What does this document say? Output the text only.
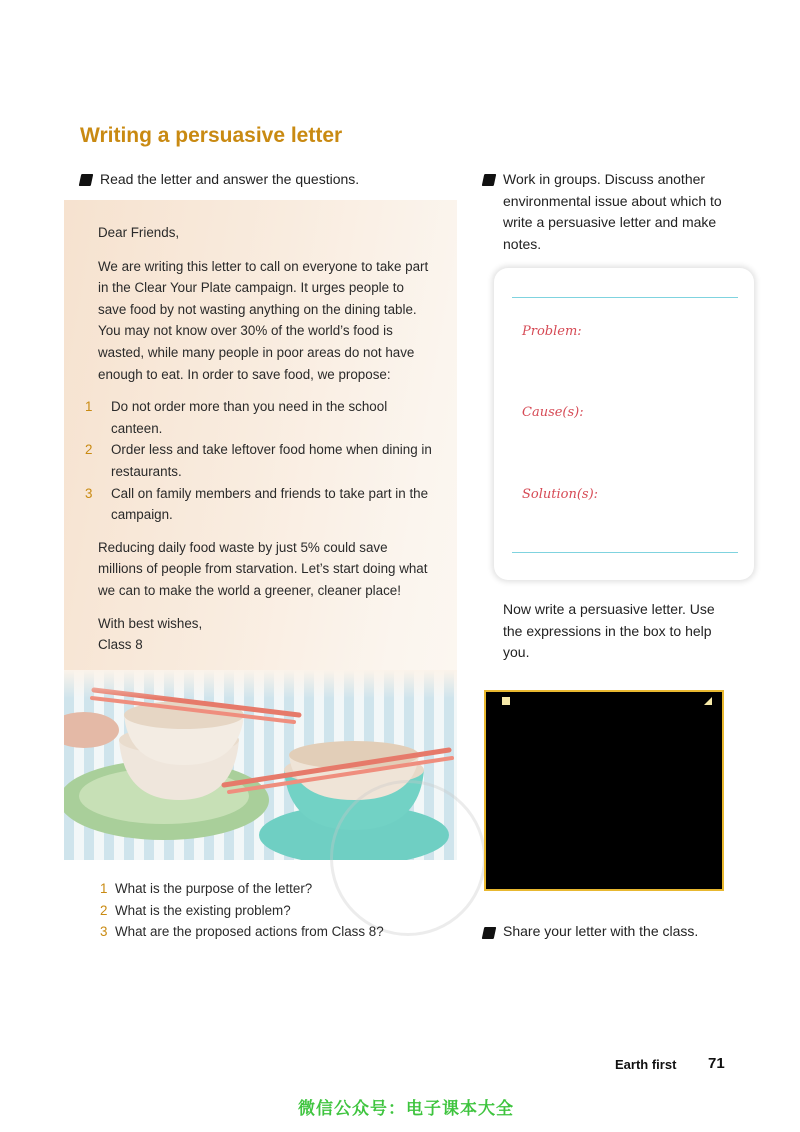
Writing a persuasive letter
Read the letter and answer the questions.

Dear Friends,

We are writing this letter to call on everyone to take part in the Clear Your Plate campaign. It urges people to save food by not wasting anything on the dining table. You may not know over 30% of the world’s food is wasted, while many people in poor areas do not have enough to eat. In order to save food, we propose:

1 Do not order more than you need in the school canteen.
2 Order less and take leftover food home when dining in restaurants.
3 Call on family members and friends to take part in the campaign.

Reducing daily food waste by just 5% could save millions of people from starvation. Let’s start doing what we can to make the world a greener, cleaner place!

With best wishes,

Class 8

1 What is the purpose of the letter?
2 What is the existing problem?
3 What are the proposed actions from Class 8?
Work in groups. Discuss another environmental issue about which to write a persuasive letter and make notes.
Problem:
Cause(s):
Solution(s):
Now write a persuasive letter. Use the expressions in the box to help you.
Share your letter with the class.
Earth first 71
微信公众号：电子课本大全
